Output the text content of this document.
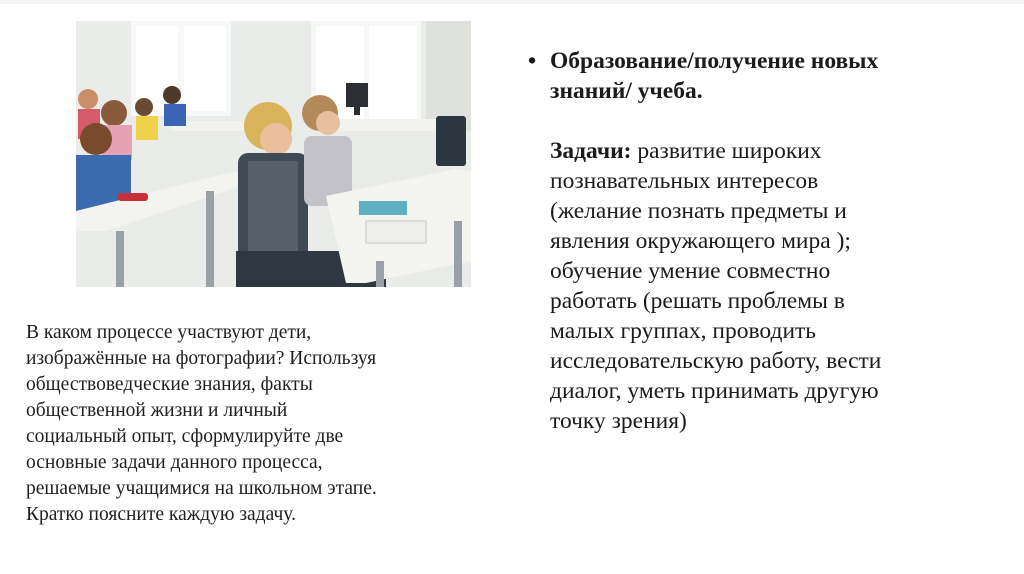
В каком процессе участвуют дети,
изображённые на фотографии? Используя
обществоведческие знания, факты
общественной жизни и личный
социальный опыт, сформулируйте две
основные задачи данного процесса,
решаемые учащимися на школьном этапе.
Кратко поясните каждую задачу.
• Образование/получение новых
знаний/ учеба.
Задачи: развитие широких
познавательных интересов
(желание познать предметы и
явления окружающего мира );
обучение умение совместно
работать (решать проблемы в
малых группах, проводить
исследовательскую работу, вести
диалог, уметь принимать другую
точку зрения)
